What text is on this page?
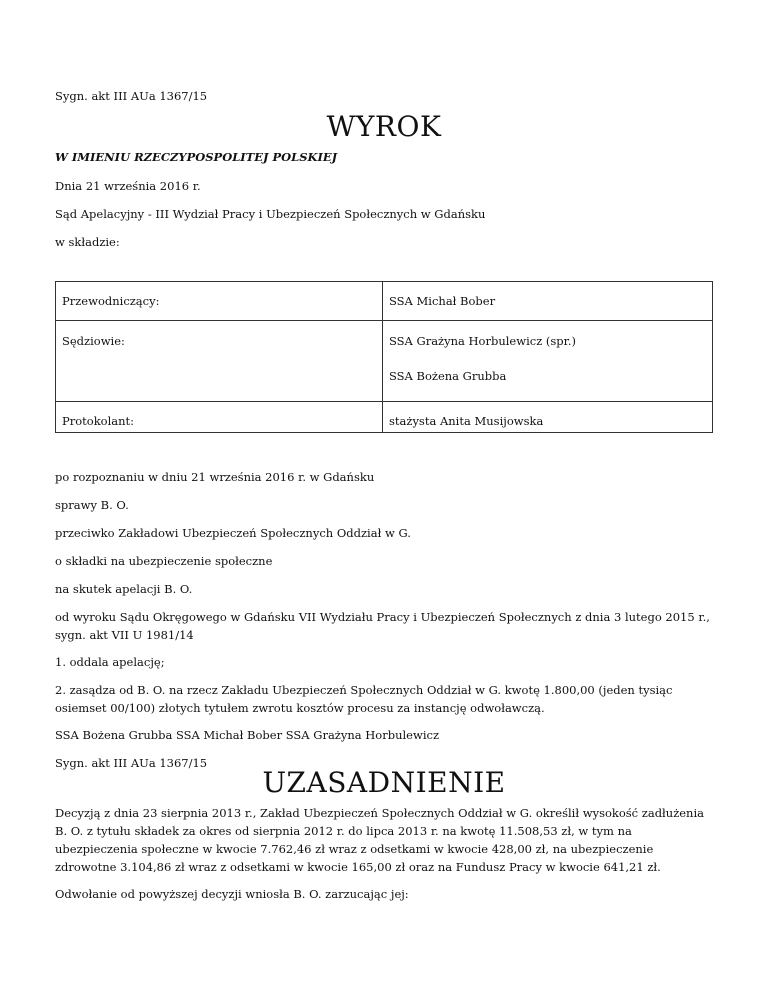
Sygn. akt III AUa 1367/15
WYROK
W IMIENIU RZECZYPOSPOLITEJ POLSKIEJ
Dnia 21 września 2016 r.
Sąd Apelacyjny - III Wydział Pracy i Ubezpieczeń Społecznych w Gdańsku
w składzie:
Przewodniczący:	SSA Michał Bober

Sędziowie:	SSA Grażyna Horbulewicz (spr.)
SSA Bożena Grubba

Protokolant:	stażysta Anita Musijowska
po rozpoznaniu w dniu 21 września 2016 r. w Gdańsku
sprawy B. O.
przeciwko Zakładowi Ubezpieczeń Społecznych Oddział w G.
o składki na ubezpieczenie społeczne
na skutek apelacji B. O.
od wyroku Sądu Okręgowego w Gdańsku VII Wydziału Pracy i Ubezpieczeń Społecznych z dnia 3 lutego 2015 r., sygn. akt VII U 1981/14
1. oddala apelację;
2. zasądza od B. O. na rzecz Zakładu Ubezpieczeń Społecznych Oddział w G. kwotę 1.800,00 (jeden tysiąc osiemset 00/100) złotych tytułem zwrotu kosztów procesu za instancję odwoławczą.
SSA Bożena Grubba SSA Michał Bober SSA Grażyna Horbulewicz
Sygn. akt III AUa 1367/15
UZASADNIENIE
Decyzją z dnia 23 sierpnia 2013 r., Zakład Ubezpieczeń Społecznych Oddział w G. określił wysokość zadłużenia B. O. z tytułu składek za okres od sierpnia 2012 r. do lipca 2013 r. na kwotę 11.508,53 zł, w tym na ubezpieczenia społeczne w kwocie 7.762,46 zł wraz z odsetkami w kwocie 428,00 zł, na ubezpieczenie zdrowotne 3.104,86 zł wraz z odsetkami w kwocie 165,00 zł oraz na Fundusz Pracy w kwocie 641,21 zł.
Odwołanie od powyższej decyzji wniosła B. O. zarzucając jej:
